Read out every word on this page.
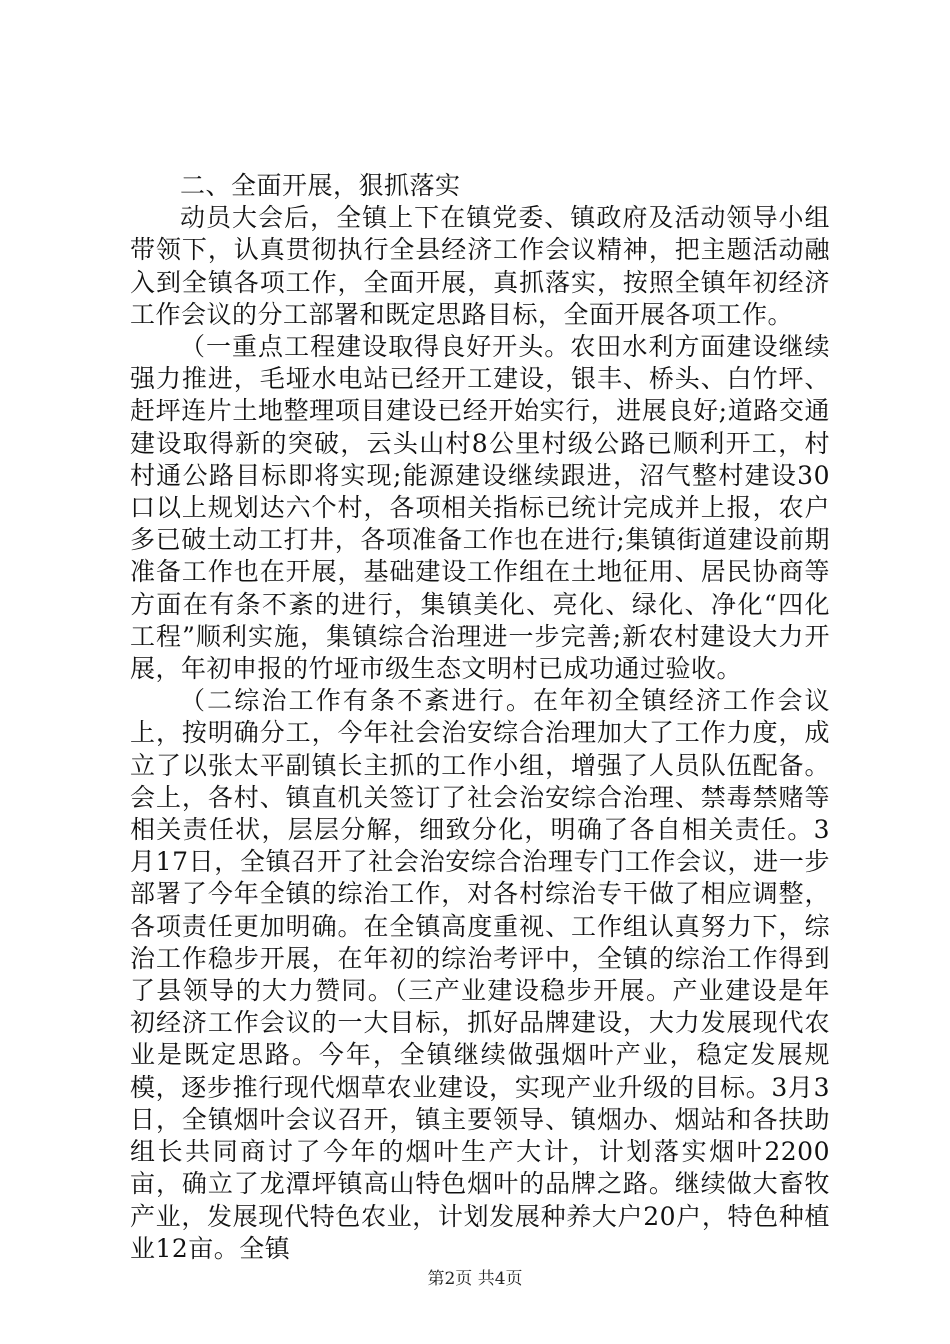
二、全面开展，狠抓落实

动员大会后，全镇上下在镇党委、镇政府及活动领导小组带领下，认真贯彻执行全县经济工作会议精神，把主题活动融入到全镇各项工作，全面开展，真抓落实，按照全镇年初经济工作会议的分工部署和既定思路目标，全面开展各项工作。

（一重点工程建设取得良好开头。农田水利方面建设继续强力推进，毛垭水电站已经开工建设，银丰、桥头、白竹坪、赶坪连片土地整理项目建设已经开始实行，进展良好;道路交通建设取得新的突破，云头山村8公里村级公路已顺利开工，村村通公路目标即将实现;能源建设继续跟进，沼气整村建设30口以上规划达六个村，各项相关指标已统计完成并上报，农户多已破土动工打井，各项准备工作也在进行;集镇街道建设前期准备工作也在开展，基础建设工作组在土地征用、居民协商等方面在有条不紊的进行，集镇美化、亮化、绿化、净化“四化工程”顺利实施，集镇综合治理进一步完善;新农村建设大力开展，年初申报的竹垭市级生态文明村已成功通过验收。

（二综治工作有条不紊进行。在年初全镇经济工作会议上，按明确分工，今年社会治安综合治理加大了工作力度，成立了以张太平副镇长主抓的工作小组，增强了人员队伍配备。会上，各村、镇直机关签订了社会治安综合治理、禁毒禁赌等相关责任状，层层分解，细致分化，明确了各自相关责任。3月17日，全镇召开了社会治安综合治理专门工作会议，进一步部署了今年全镇的综治工作，对各村综治专干做了相应调整，各项责任更加明确。在全镇高度重视、工作组认真努力下，综治工作稳步开展，在年初的综治考评中，全镇的综治工作得到了县领导的大力赞同。（三产业建设稳步开展。产业建设是年初经济工作会议的一大目标，抓好品牌建设，大力发展现代农业是既定思路。今年，全镇继续做强烟叶产业，稳定发展规模，逐步推行现代烟草农业建设，实现产业升级的目标。3月3日，全镇烟叶会议召开，镇主要领导、镇烟办、烟站和各扶助组长共同商讨了今年的烟叶生产大计，计划落实烟叶2200亩，确立了龙潭坪镇高山特色烟叶的品牌之路。继续做大畜牧产业，发展现代特色农业，计划发展种养大户20户，特色种植业12亩。全镇

第2页 共4页
